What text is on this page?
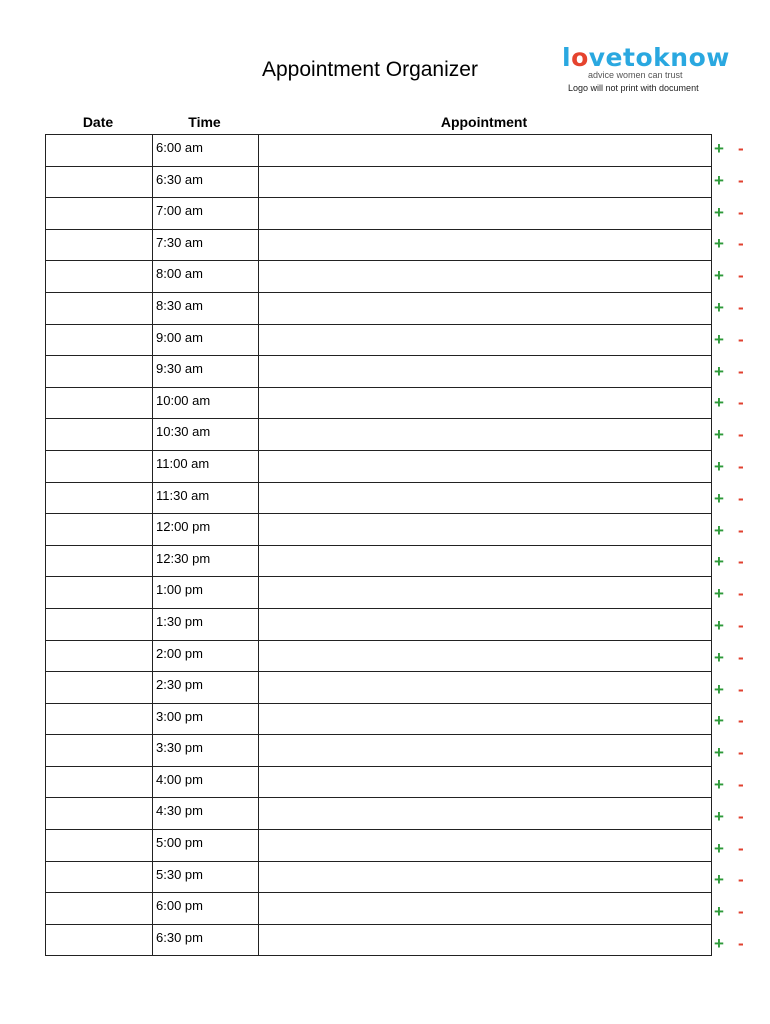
Appointment Organizer	lovetoknow
advice women can trust
Logo will not print with document
Date	Time	Appointment
	6:00 am	
	6:30 am	
	7:00 am	
	7:30 am	
	8:00 am	
	8:30 am	
	9:00 am	
	9:30 am	
	10:00 am	
	10:30 am	
	11:00 am	
	11:30 am	
	12:00 pm	
	12:30 pm	
	1:00 pm	
	1:30 pm	
	2:00 pm	
	2:30 pm	
	3:00 pm	
	3:30 pm	
	4:00 pm	
	4:30 pm	
	5:00 pm	
	5:30 pm	
	6:00 pm	
	6:30 pm	
+ -
+ -
+ -
+ -
+ -
+ -
+ -
+ -
+ -
+ -
+ -
+ -
+ -
+ -
+ -
+ -
+ -
+ -
+ -
+ -
+ -
+ -
+ -
+ -
+ -
+ -
